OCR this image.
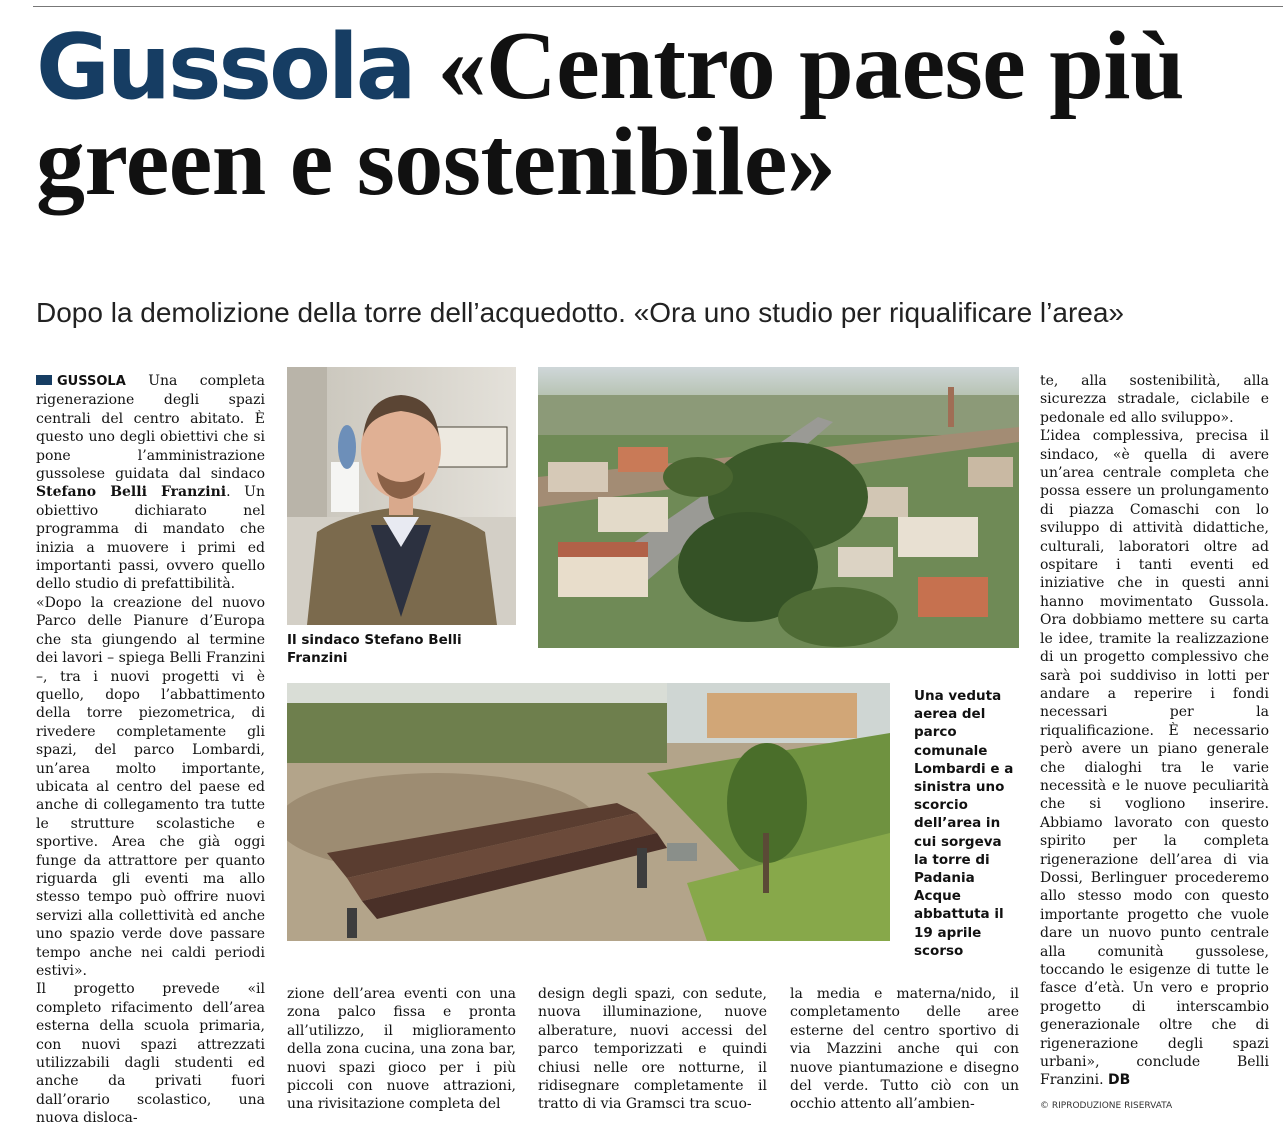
Gussola «Centro paese più green e sostenibile»

Dopo la demolizione della torre dell’acquedotto. «Ora uno studio per riqualificare l’area»

GUSSOLA Una completa rigenerazione degli spazi centrali del centro abitato. È questo uno degli obiettivi che si pone l’amministrazione gussolese guidata dal sindaco Stefano Belli Franzini. Un obiettivo dichiarato nel programma di mandato che inizia a muovere i primi ed importanti passi, ovvero quello dello studio di prefattibilità.

«Dopo la creazione del nuovo Parco delle Pianure d’Europa che sta giungendo al termine dei lavori – spiega Belli Franzini –, tra i nuovi progetti vi è quello, dopo l’abbattimento della torre piezometrica, di rivedere completamente gli spazi, del parco Lombardi, un’area molto importante, ubicata al centro del paese ed anche di collegamento tra tutte le strutture scolastiche e sportive. Area che già oggi funge da attrattore per quanto riguarda gli eventi ma allo stesso tempo può offrire nuovi servizi alla collettività ed anche uno spazio verde dove passare tempo anche nei caldi periodi estivi».

Il progetto prevede «il completo rifacimento dell’area esterna della scuola primaria, con nuovi spazi attrezzati utilizzabili dagli studenti ed anche da privati fuori dall’orario scolastico, una nuova disloca-

Il sindaco Stefano Belli Franzini

Una veduta aerea del parco comunale Lombardi e a sinistra uno scorcio dell’area in cui sorgeva la torre di Padania Acque abbattuta il 19 aprile scorso

zione dell’area eventi con una zona palco fissa e pronta all’utilizzo, il miglioramento della zona cucina, una zona bar, nuovi spazi gioco per i più piccoli con nuove attrazioni, una rivisitazione completa del

design degli spazi, con sedute, nuova illuminazione, nuove alberature, nuovi accessi del parco temporizzati e quindi chiusi nelle ore notturne, il ridisegnare completamente il tratto di via Gramsci tra scuo-

la media e materna/nido, il completamento delle aree esterne del centro sportivo di via Mazzini anche qui con nuove piantumazione e disegno del verde. Tutto ciò con un occhio attento all’ambien-

te, alla sostenibilità, alla sicurezza stradale, ciclabile e pedonale ed allo sviluppo».

L’idea complessiva, precisa il sindaco, «è quella di avere un’area centrale completa che possa essere un prolungamento di piazza Comaschi con lo sviluppo di attività didattiche, culturali, laboratori oltre ad ospitare i tanti eventi ed iniziative che in questi anni hanno movimentato Gussola. Ora dobbiamo mettere su carta le idee, tramite la realizzazione di un progetto complessivo che sarà poi suddiviso in lotti per andare a reperire i fondi necessari per la riqualificazione. È necessario però avere un piano generale che dialoghi tra le varie necessità e le nuove peculiarità che si vogliono inserire. Abbiamo lavorato con questo spirito per la completa rigenerazione dell’area di via Dossi, Berlinguer procederemo allo stesso modo con questo importante progetto che vuole dare un nuovo punto centrale alla comunità gussolese, toccando le esigenze di tutte le fasce d’età. Un vero e proprio progetto di interscambio generazionale oltre che di rigenerazione degli spazi urbani», conclude Belli Franzini. DB

© RIPRODUZIONE RISERVATA
